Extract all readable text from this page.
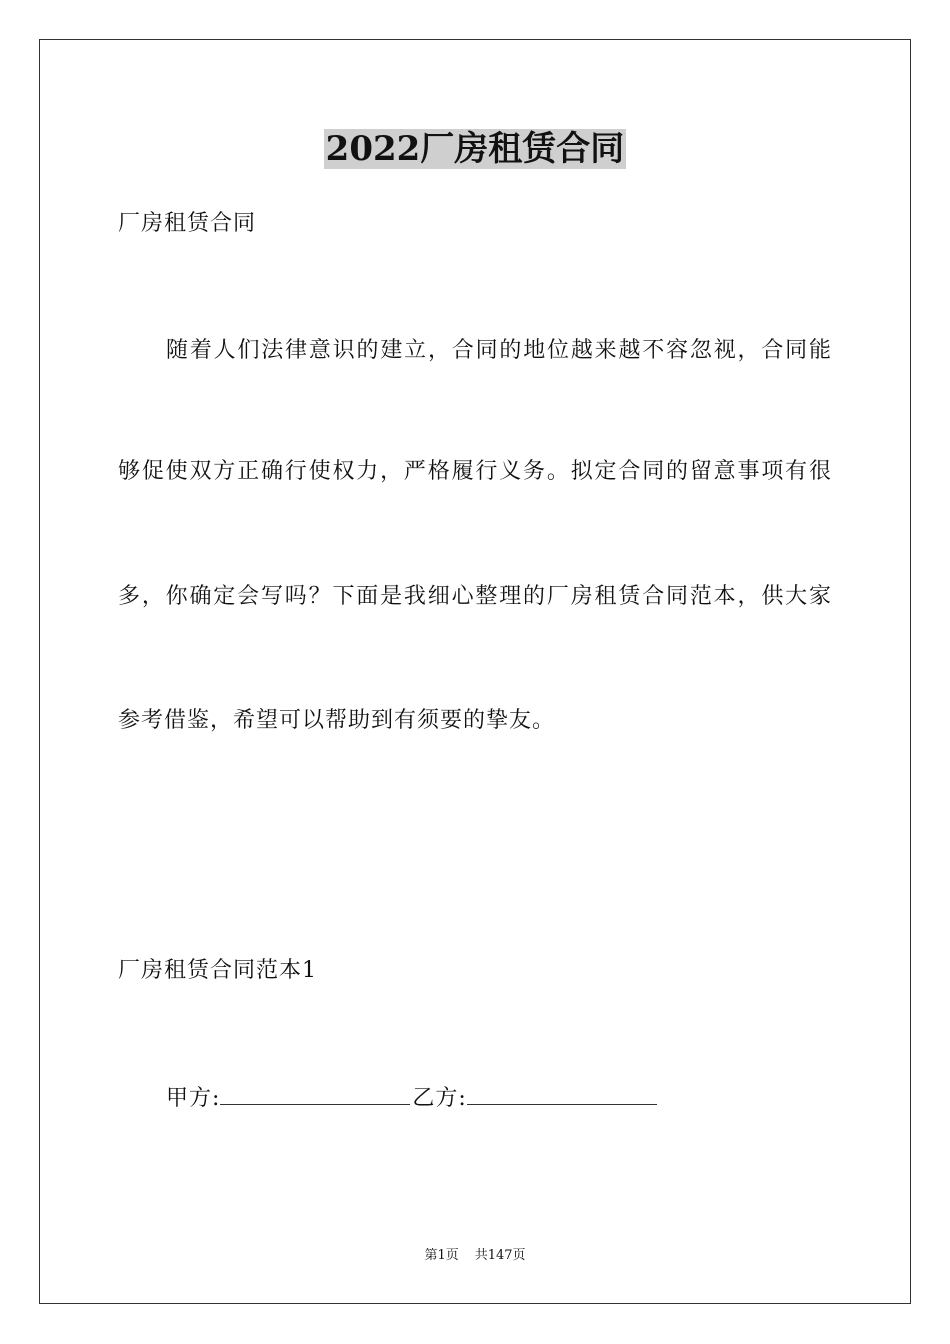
2022厂房租赁合同
厂房租赁合同
随着人们法律意识的建立，合同的地位越来越不容忽视，合同能
够促使双方正确行使权力，严格履行义务。拟定合同的留意事项有很
多，你确定会写吗？下面是我细心整理的厂房租赁合同范本，供大家
参考借鉴，希望可以帮助到有须要的挚友。
厂房租赁合同范本1
甲方:	乙方:
第1页 共147页
